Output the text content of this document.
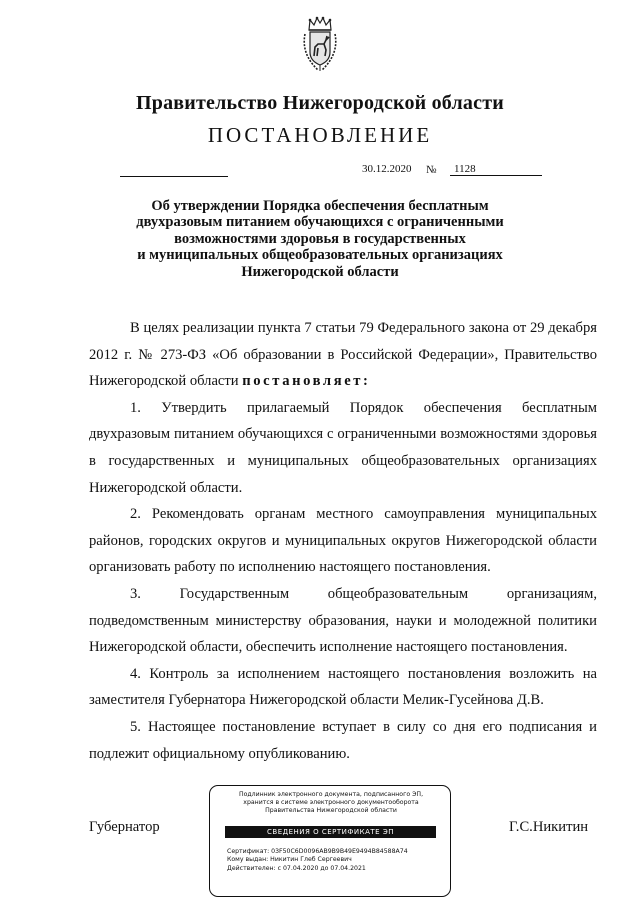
Правительство Нижегородской области
ПОСТАНОВЛЕНИЕ
30.12.2020 №	1128
Об утверждении Порядка обеспечения бесплатным
двухразовым питанием обучающихся с ограниченными
возможностями здоровья в государственных
и муниципальных общеобразовательных организациях
Нижегородской области

В целях реализации пункта 7 статьи 79 Федерального закона от 29 декабря 2012 г. № 273-ФЗ «Об образовании в Российской Федерации», Правительство Нижегородской области постановляет:

1. Утвердить прилагаемый Порядок обеспечения бесплатным двухразовым питанием обучающихся с ограниченными возможностями здоровья в государственных и муниципальных общеобразовательных организациях Нижегородской области.

2. Рекомендовать органам местного самоуправления муниципальных районов, городских округов и муниципальных округов Нижегородской области организовать работу по исполнению настоящего постановления.

3. Государственным общеобразовательным организациям, подведомственным министерству образования, науки и молодежной политики Нижегородской области, обеспечить исполнение настоящего постановления.

4. Контроль за исполнением настоящего постановления возложить на заместителя Губернатора Нижегородской области Мелик-Гусейнова Д.В.

5. Настоящее постановление вступает в силу со дня его подписания и подлежит официальному опубликованию.

Губернатор	Г.С.Никитин
Подлинник электронного документа, подписанного ЭП,
хранится в системе электронного документооборота
Правительства Нижегородской области
СВЕДЕНИЯ О СЕРТИФИКАТЕ ЭП
Сертификат: 03F50C6D0096AB9B9B49E9494B84588A74
Кому выдан: Никитин Глеб Сергеевич
Действителен: с 07.04.2020 до 07.04.2021
